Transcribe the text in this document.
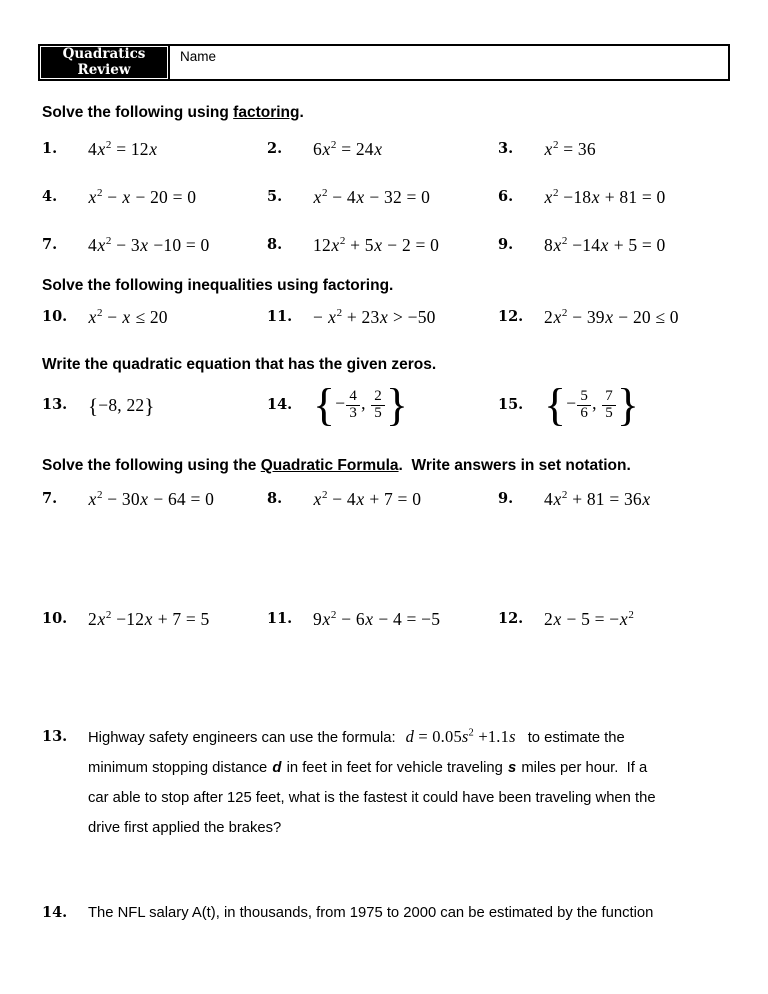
Quadratics
Review
Name
Solve the following using factoring.
1.	$4x^2 = 12x$	2.	$6x^2 = 24x$	3.	$x^2 = 36$
4.	$x^2 - x - 20 = 0$	5.	$x^2 - 4x - 32 = 0$	6.	$x^2 -18x + 81 = 0$
7.	$4x^2 - 3x -10 = 0$	8.	$12x^2 + 5x - 2 = 0$	9.	$8x^2 -14x + 5 = 0$
Solve the following inequalities using factoring.
10.	$x^2 - x \le 20$	11.	− $x^2 + 23x > -50$	12.	$2x^2 - 39x - 20 \le 0$
Write the quadratic equation that has the given zeros.
13. {−8, 22}	14. {− $\frac{4}{3}$ , $\frac{2}{5}$ }	15. {− $\frac{5}{6}$ , $\frac{7}{5}$ }
Solve the following using the Quadratic Formula.  Write answers in set notation.
7.	$x^2 - 30x - 64 = 0$	8.	$x^2 - 4x + 7 = 0$	9.	$4x^2 + 81 = 36x$
10.	$2x^2 -12x + 7 = 5$	11.	$9x^2 - 6x - 4 = -5$	12.	$2x - 5 = -x^2$
13.	Highway safety engineers can use the formula: $d = 0.05s^2 +1.1s$ to estimate the
minimum stopping distance d in feet in feet for vehicle traveling s miles per hour.  If a
car able to stop after 125 feet, what is the fastest it could have been traveling when the
drive first applied the brakes?
14.	The NFL salary A(t), in thousands, from 1975 to 2000 can be estimated by the function
